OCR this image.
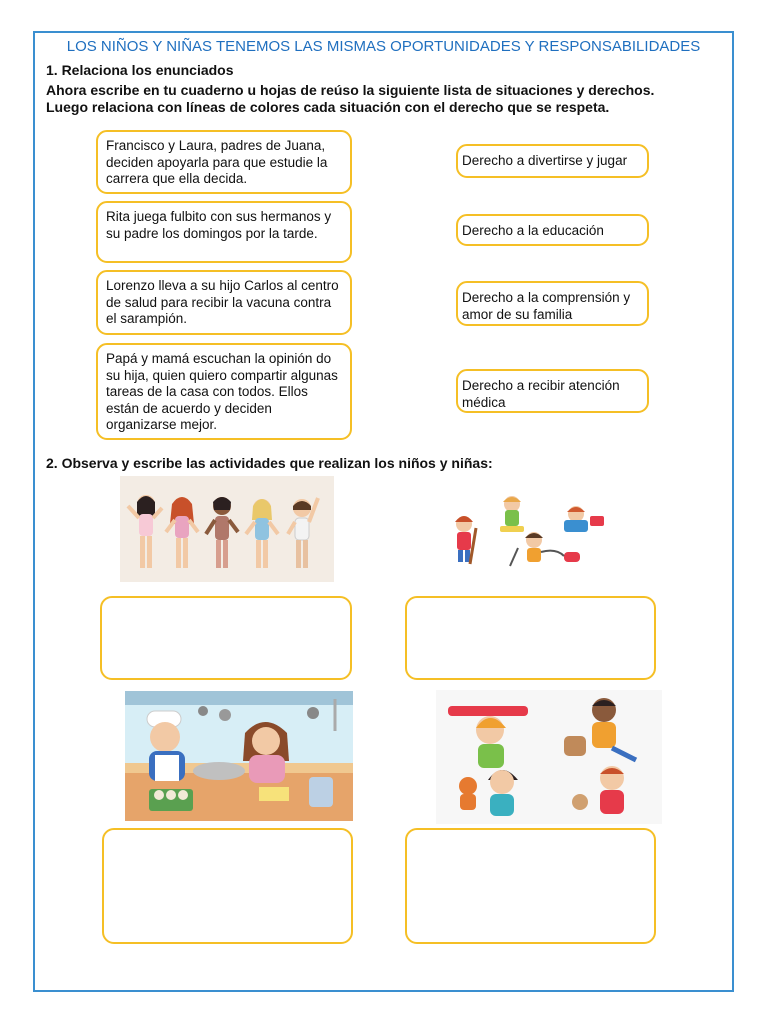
LOS NIÑOS Y NIÑAS TENEMOS LAS MISMAS OPORTUNIDADES Y RESPONSABILIDADES
1. Relaciona los enunciados
Ahora escribe en tu cuaderno u hojas de reúso la siguiente lista de situaciones y derechos.
Luego relaciona con líneas de colores cada situación con el derecho que se respeta.
Francisco y Laura, padres de Juana, deciden apoyarla para que estudie la carrera que ella decida.
Rita juega fulbito con sus hermanos y su padre los domingos por la tarde.
Lorenzo lleva a su hijo Carlos al centro de salud para recibir la vacuna contra el sarampión.
Papá y mamá escuchan la opinión do su hija, quien quiero compartir algunas tareas de la casa con todos. Ellos están de acuerdo y deciden organizarse mejor.
Derecho a divertirse y jugar
Derecho a la educación
Derecho a la comprensión y amor de su familia
Derecho a recibir atención médica
2. Observa y escribe las actividades que realizan los niños y niñas:
